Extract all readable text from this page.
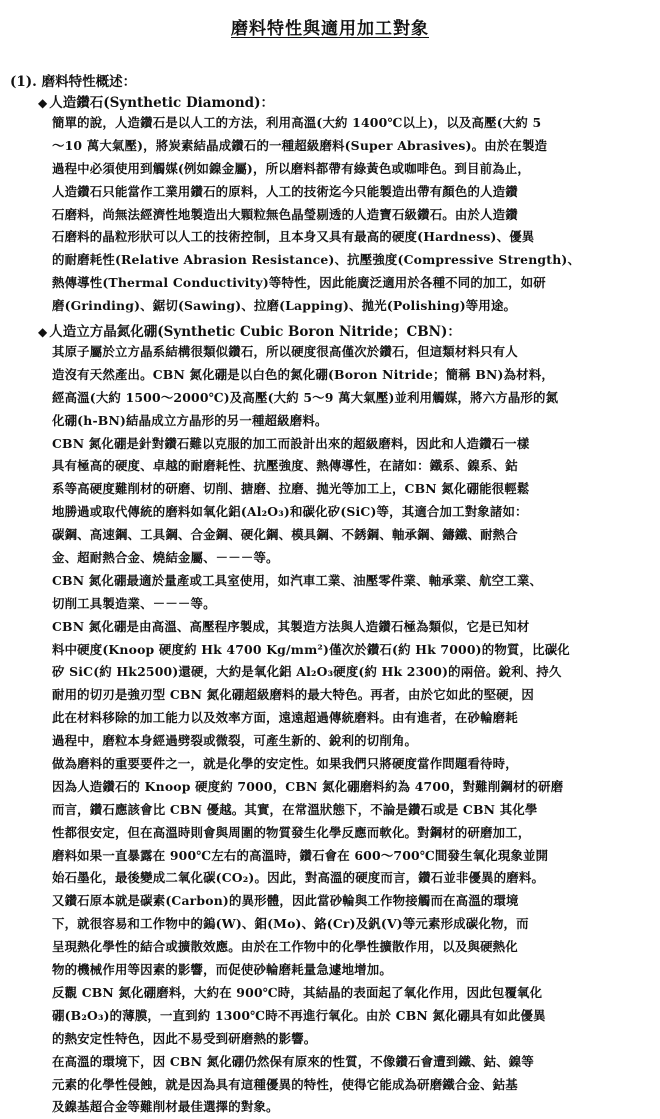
磨料特性與適用加工對象
(1). 磨料特性概述：
◆ 人造鑽石(Synthetic Diamond)：
簡單的說，人造鑽石是以人工的方法，利用高溫(大約 1400℃以上)，以及高壓(大約 5
～10 萬大氣壓)，將炭素結晶成鑽石的一種超級磨料(Super Abrasives)。由於在製造
過程中必須使用到觸媒(例如鎳金屬)，所以磨料都帶有綠黃色或咖啡色。到目前為止，
人造鑽石只能當作工業用鑽石的原料，人工的技術迄今只能製造出帶有顏色的人造鑽
石磨料，尚無法經濟性地製造出大顆粒無色晶瑩剔透的人造寶石級鑽石。由於人造鑽
石磨料的晶粒形狀可以人工的技術控制，且本身又具有最高的硬度(Hardness)、優異
的耐磨耗性(Relative Abrasion Resistance)、抗壓強度(Compressive Strength)、
熱傳導性(Thermal Conductivity)等特性，因此能廣泛適用於各種不同的加工，如研
磨(Grinding)、鋸切(Sawing)、拉磨(Lapping)、拋光(Polishing)等用途。
◆ 人造立方晶氮化硼(Synthetic Cubic Boron Nitride；CBN)：
其原子屬於立方晶系結構很類似鑽石，所以硬度很高僅次於鑽石，但這類材料只有人
造沒有天然產出。CBN 氮化硼是以白色的氮化硼(Boron Nitride；簡稱 BN)為材料，
經高溫(大約 1500～2000℃)及高壓(大約 5～9 萬大氣壓)並利用觸媒，將六方晶形的氮
化硼(h-BN)結晶成立方晶形的另一種超級磨料。
CBN 氮化硼是針對鑽石難以克服的加工而設計出來的超級磨料，因此和人造鑽石一樣
具有極高的硬度、卓越的耐磨耗性、抗壓強度、熱傳導性，在諸如：鐵系、鎳系、鈷
系等高硬度難削材的研磨、切削、搪磨、拉磨、拋光等加工上，CBN 氮化硼能很輕鬆
地勝過或取代傳統的磨料如氧化鋁(Al₂O₃)和碳化矽(SiC)等，其適合加工對象諸如：
碳鋼、高速鋼、工具鋼、合金鋼、硬化鋼、模具鋼、不銹鋼、軸承鋼、鑄鐵、耐熱合
金、超耐熱合金、燒結金屬、－－－等。
CBN 氮化硼最適於量產或工具室使用，如汽車工業、油壓零件業、軸承業、航空工業、
切削工具製造業、－－－等。
CBN 氮化硼是由高溫、高壓程序製成，其製造方法與人造鑽石極為類似，它是已知材
料中硬度(Knoop 硬度約 Hk 4700 Kg/mm²)僅次於鑽石(約 Hk 7000)的物質，比碳化
矽 SiC(約 Hk2500)還硬，大約是氧化鋁 Al₂O₃硬度(約 Hk 2300)的兩倍。銳利、持久
耐用的切刃是強刃型 CBN 氮化硼超級磨料的最大特色。再者，由於它如此的堅硬，因
此在材料移除的加工能力以及效率方面，遠遠超過傳統磨料。由有進者，在砂輪磨耗
過程中，磨粒本身經過劈裂或微裂，可產生新的、銳利的切削角。
做為磨料的重要要件之一，就是化學的安定性。如果我們只將硬度當作問題看待時，
因為人造鑽石的 Knoop 硬度約 7000，CBN 氮化硼磨料約為 4700，對難削鋼材的研磨
而言，鑽石應該會比 CBN 優越。其實，在常溫狀態下，不論是鑽石或是 CBN 其化學
性都很安定，但在高溫時則會與周圍的物質發生化學反應而軟化。對鋼材的研磨加工，
磨料如果一直暴露在 900℃左右的高溫時，鑽石會在 600～700℃間發生氧化現象並開
始石墨化，最後變成二氧化碳(CO₂)。因此，對高溫的硬度而言，鑽石並非優異的磨料。
又鑽石原本就是碳素(Carbon)的異形體，因此當砂輪與工作物接觸而在高溫的環境
下，就很容易和工作物中的鎢(W)、鉬(Mo)、鉻(Cr)及釩(V)等元素形成碳化物，而
呈現熱化學性的結合或擴散效應。由於在工作物中的化學性擴散作用，以及與硬熱化
物的機械作用等因素的影響，而促使砂輪磨耗量急遽地增加。
反觀 CBN 氮化硼磨料，大約在 900℃時，其結晶的表面起了氧化作用，因此包覆氧化
硼(B₂O₃)的薄膜，一直到約 1300℃時不再進行氧化。由於 CBN 氮化硼具有如此優異
的熱安定性特色，因此不易受到研磨熱的影響。
在高溫的環境下，因 CBN 氮化硼仍然保有原來的性質，不像鑽石會遭到鐵、鈷、鎳等
元素的化學性侵蝕，就是因為具有這種優異的特性，使得它能成為研磨鐵合金、鈷基
及鎳基超合金等難削材最佳選擇的對象。
